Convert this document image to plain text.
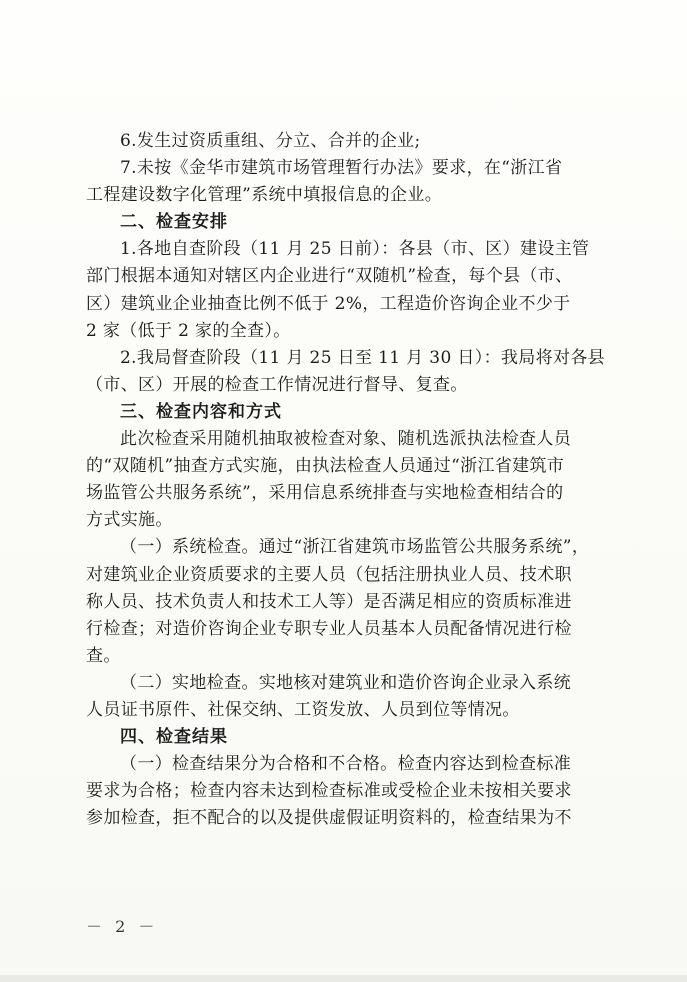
6.发生过资质重组、分立、合并的企业;
7.未按《金华市建筑市场管理暂行办法》要求，在“浙江省
工程建设数字化管理”系统中填报信息的企业。
二、检查安排
1.各地自查阶段（11 月 25 日前）：各县（市、区）建设主管
部门根据本通知对辖区内企业进行“双随机”检查，每个县（市、
区）建筑业企业抽查比例不低于 2%，工程造价咨询企业不少于
2 家（低于 2 家的全查）。
2.我局督查阶段（11 月 25 日至 11 月 30 日）：我局将对各县
（市、区）开展的检查工作情况进行督导、复查。
三、检查内容和方式
此次检查采用随机抽取被检查对象、随机选派执法检查人员
的“双随机”抽查方式实施，由执法检查人员通过“浙江省建筑市
场监管公共服务系统”，采用信息系统排查与实地检查相结合的
方式实施。
（一）系统检查。通过“浙江省建筑市场监管公共服务系统”，
对建筑业企业资质要求的主要人员（包括注册执业人员、技术职
称人员、技术负责人和技术工人等）是否满足相应的资质标准进
行检查；对造价咨询企业专职专业人员基本人员配备情况进行检
查。
（二）实地检查。实地核对建筑业和造价咨询企业录入系统
人员证书原件、社保交纳、工资发放、人员到位等情况。
四、检查结果
（一）检查结果分为合格和不合格。检查内容达到检查标准
要求为合格；检查内容未达到检查标准或受检企业未按相关要求
参加检查，拒不配合的以及提供虚假证明资料的，检查结果为不
－ 2 －
